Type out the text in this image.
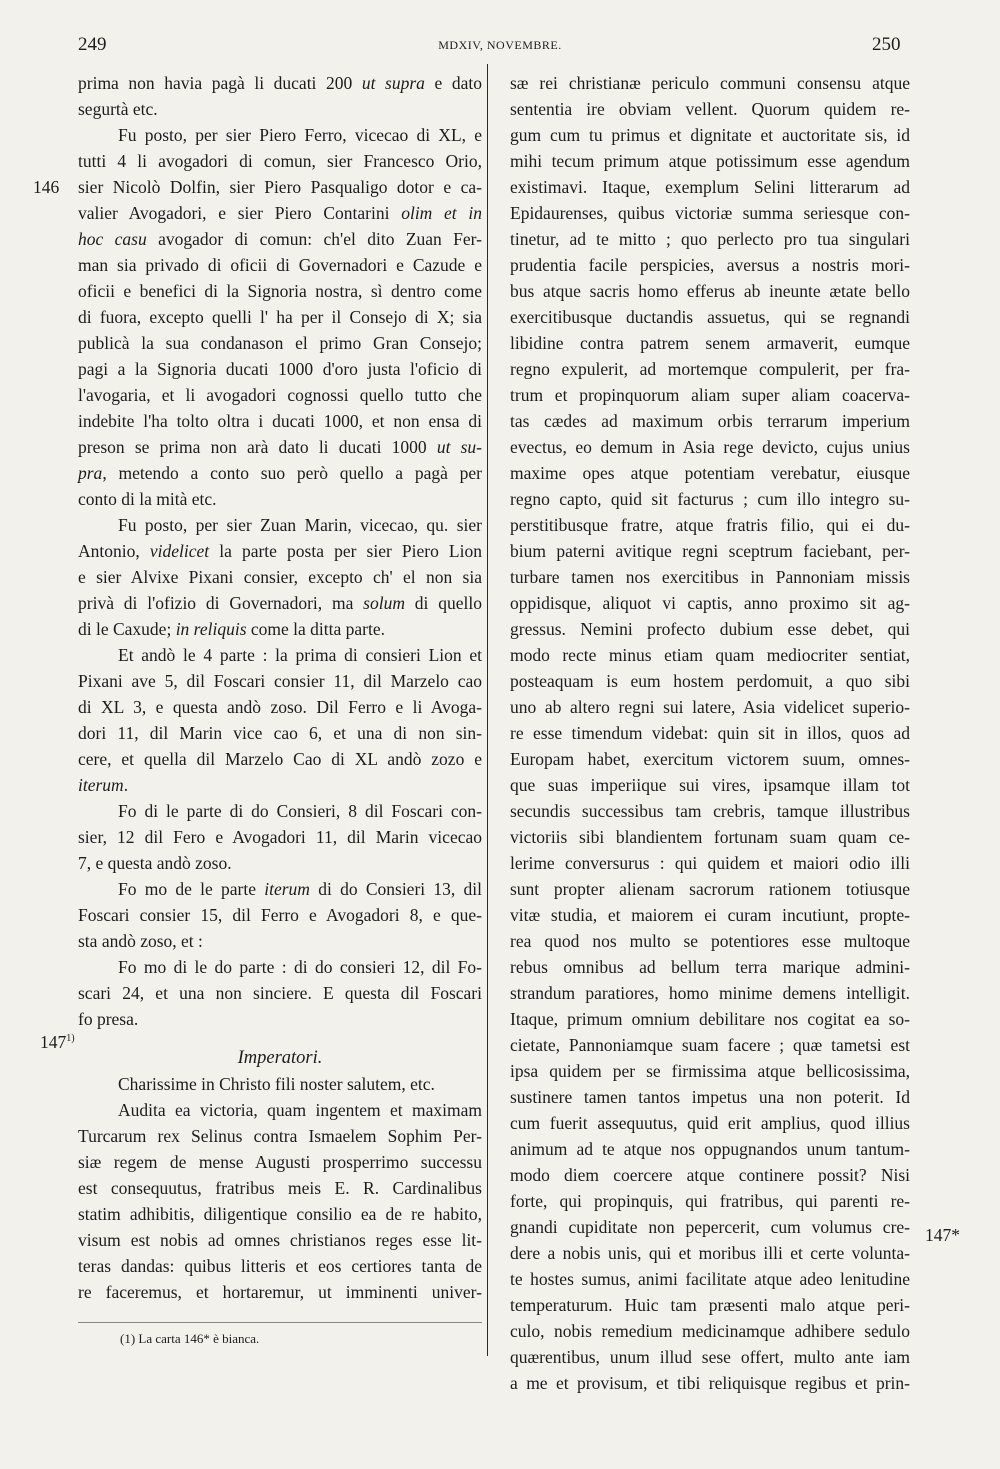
249	MDXIV, NOVEMBRE.	250
prima non havia pagà li ducati 200 ut supra e dato
segurtà etc.
Fu posto, per sier Piero Ferro, vicecao di XL, e
tutti 4 li avogadori di comun, sier Francesco Orio,
sier Nicolò Dolfin, sier Piero Pasqualigo dotor e ca-
valier Avogadori, e sier Piero Contarini olim et in
hoc casu avogador di comun: ch'el dito Zuan Fer-
man sia privado di oficii di Governadori e Cazude e
oficii e benefici di la Signoria nostra, sì dentro come
di fuora, excepto quelli l' ha per il Consejo di X; sia
publicà la sua condanason el primo Gran Consejo;
pagi a la Signoria ducati 1000 d'oro justa l'oficio di
l'avogaria, et li avogadori cognossi quello tutto che
indebite l'ha tolto oltra i ducati 1000, et non ensa di
preson se prima non arà dato li ducati 1000 ut su-
pra, metendo a conto suo però quello a pagà per
conto di la mità etc.
Fu posto, per sier Zuan Marin, vicecao, qu. sier
Antonio, videlicet la parte posta per sier Piero Lion
e sier Alvixe Pixani consier, excepto ch' el non sia
privà di l'ofizio di Governadori, ma solum di quello
di le Caxude; in reliquis come la ditta parte.
Et andò le 4 parte : la prima di consieri Lion et
Pixani ave 5, dil Foscari consier 11, dil Marzelo cao
di XL 3, e questa andò zoso. Dil Ferro e li Avoga-
dori 11, dil Marin vice cao 6, et una di non sin-
cere, et quella dil Marzelo Cao di XL andò zozo e
iterum.
Fo di le parte di do Consieri, 8 dil Foscari con-
sier, 12 dil Fero e Avogadori 11, dil Marin vicecao
7, e questa andò zoso.
Fo mo de le parte iterum di do Consieri 13, dil
Foscari consier 15, dil Ferro e Avogadori 8, e que-
sta andò zoso, et :
Fo mo di le do parte : di do consieri 12, dil Fo-
scari 24, et una non sinciere. E questa dil Foscari
fo presa.
Imperatori.
Charissime in Christo fili noster salutem, etc.
Audita ea victoria, quam ingentem et maximam
Turcarum rex Selinus contra Ismaelem Sophim Per-
siæ regem de mense Augusti prosperrimo successu
est consequutus, fratribus meis E. R. Cardinalibus
statim adhibitis, diligentique consilio ea de re habito,
visum est nobis ad omnes christianos reges esse lit-
teras dandas: quibus litteris et eos certiores tanta de
re faceremus, et hortaremur, ut imminenti univer-
sæ rei christianæ periculo communi consensu atque
sententia ire obviam vellent. Quorum quidem re-
gum cum tu primus et dignitate et auctoritate sis, id
mihi tecum primum atque potissimum esse agendum
existimavi. Itaque, exemplum Selini litterarum ad
Epidaurenses, quibus victoriæ summa seriesque con-
tinetur, ad te mitto ; quo perlecto pro tua singulari
prudentia facile perspicies, aversus a nostris mori-
bus atque sacris homo efferus ab ineunte ætate bello
exercitibusque ductandis assuetus, qui se regnandi
libidine contra patrem senem armaverit, eumque
regno expulerit, ad mortemque compulerit, per fra-
trum et propinquorum aliam super aliam coacerva-
tas cædes ad maximum orbis terrarum imperium
evectus, eo demum in Asia rege devicto, cujus unius
maxime opes atque potentiam verebatur, eiusque
regno capto, quid sit facturus ; cum illo integro su-
perstitibusque fratre, atque fratris filio, qui ei du-
bium paterni avitique regni sceptrum faciebant, per-
turbare tamen nos exercitibus in Pannoniam missis
oppidisque, aliquot vi captis, anno proximo sit ag-
gressus. Nemini profecto dubium esse debet, qui
modo recte minus etiam quam mediocriter sentiat,
posteaquam is eum hostem perdomuit, a quo sibi
uno ab altero regni sui latere, Asia videlicet superio-
re esse timendum videbat: quin sit in illos, quos ad
Europam habet, exercitum victorem suum, omnes-
que suas imperiique sui vires, ipsamque illam tot
secundis successibus tam crebris, tamque illustribus
victoriis sibi blandientem fortunam suam quam ce-
lerime conversurus : qui quidem et maiori odio illi
sunt propter alienam sacrorum rationem totiusque
vitæ studia, et maiorem ei curam incutiunt, propte-
rea quod nos multo se potentiores esse multoque
rebus omnibus ad bellum terra marique admini-
strandum paratiores, homo minime demens intelligit.
Itaque, primum omnium debilitare nos cogitat ea so-
cietate, Pannoniamque suam facere ; quæ tametsi est
ipsa quidem per se firmissima atque bellicosissima,
sustinere tamen tantos impetus una non poterit. Id
cum fuerit assequutus, quid erit amplius, quod illius
animum ad te atque nos oppugnandos unum tantum-
modo diem coercere atque continere possit? Nisi
forte, qui propinquis, qui fratribus, qui parenti re-
gnandi cupiditate non pepercerit, cum volumus cre-
dere a nobis unis, qui et moribus illi et certe volunta-
te hostes sumus, animi facilitate atque adeo lenitudine
temperaturum. Huic tam præsenti malo atque peri-
culo, nobis remedium medicinamque adhibere sedulo
quærentibus, unum illud sese offert, multo ante iam
a me et provisum, et tibi reliquisque regibus et prin-
146
147$^{1)}$
147*
(1) La carta 146* è bianca.
